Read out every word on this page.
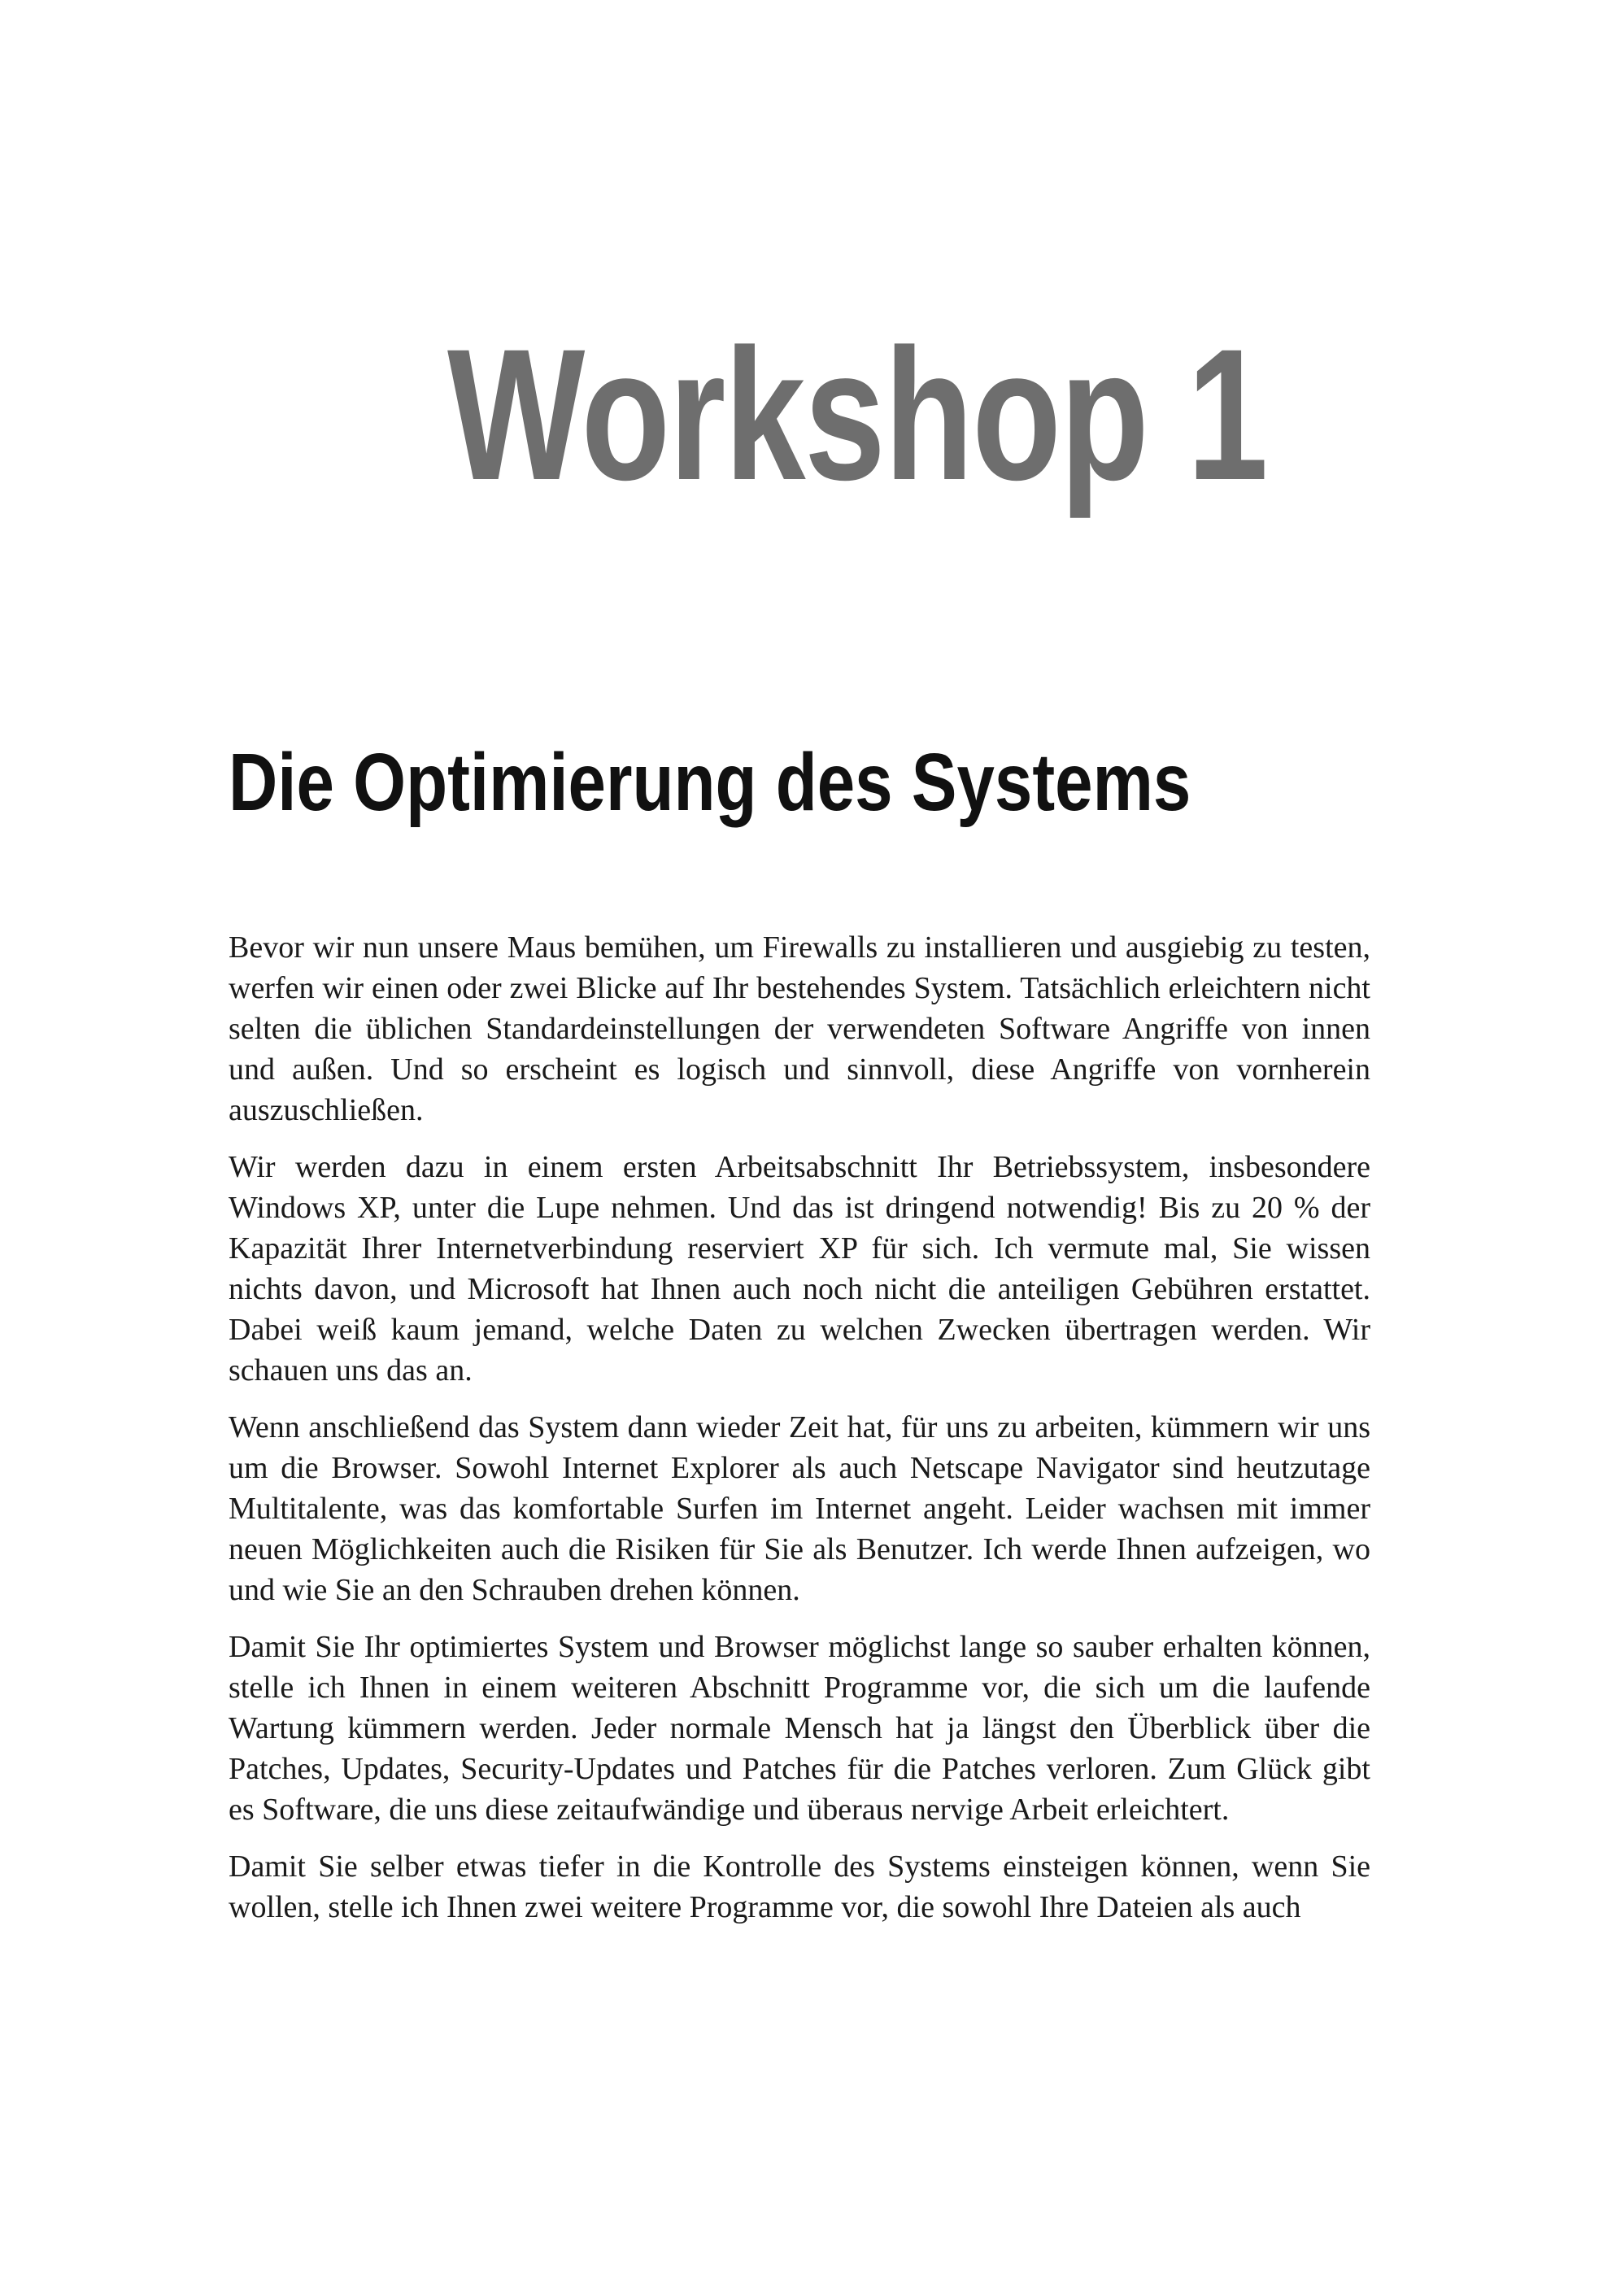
Workshop 1
Die Optimierung des Systems

Bevor wir nun unsere Maus bemühen, um Firewalls zu installieren und ausgiebig zu testen, werfen wir einen oder zwei Blicke auf Ihr bestehendes System. Tatsächlich erleichtern nicht selten die üblichen Standardeinstellungen der verwendeten Software Angriffe von innen und außen. Und so erscheint es logisch und sinnvoll, diese Angriffe von vornherein auszuschließen.

Wir werden dazu in einem ersten Arbeitsabschnitt Ihr Betriebssystem, insbesondere Windows XP, unter die Lupe nehmen. Und das ist dringend notwendig! Bis zu 20 % der Kapazität Ihrer Internetverbindung reserviert XP für sich. Ich vermute mal, Sie wissen nichts davon, und Microsoft hat Ihnen auch noch nicht die anteiligen Gebühren erstattet. Dabei weiß kaum jemand, welche Daten zu welchen Zwecken übertragen werden. Wir schauen uns das an.

Wenn anschließend das System dann wieder Zeit hat, für uns zu arbeiten, kümmern wir uns um die Browser. Sowohl Internet Explorer als auch Netscape Navigator sind heutzutage Multitalente, was das komfortable Surfen im Internet angeht. Leider wachsen mit immer neuen Möglichkeiten auch die Risiken für Sie als Benutzer. Ich werde Ihnen aufzeigen, wo und wie Sie an den Schrauben drehen können.

Damit Sie Ihr optimiertes System und Browser möglichst lange so sauber erhalten können, stelle ich Ihnen in einem weiteren Abschnitt Programme vor, die sich um die laufende Wartung kümmern werden. Jeder normale Mensch hat ja längst den Überblick über die Patches, Updates, Security-Updates und Patches für die Patches verloren. Zum Glück gibt es Software, die uns diese zeitaufwändige und überaus nervige Arbeit erleichtert.

Damit Sie selber etwas tiefer in die Kontrolle des Systems einsteigen können, wenn Sie wollen, stelle ich Ihnen zwei weitere Programme vor, die sowohl Ihre Dateien als auch
